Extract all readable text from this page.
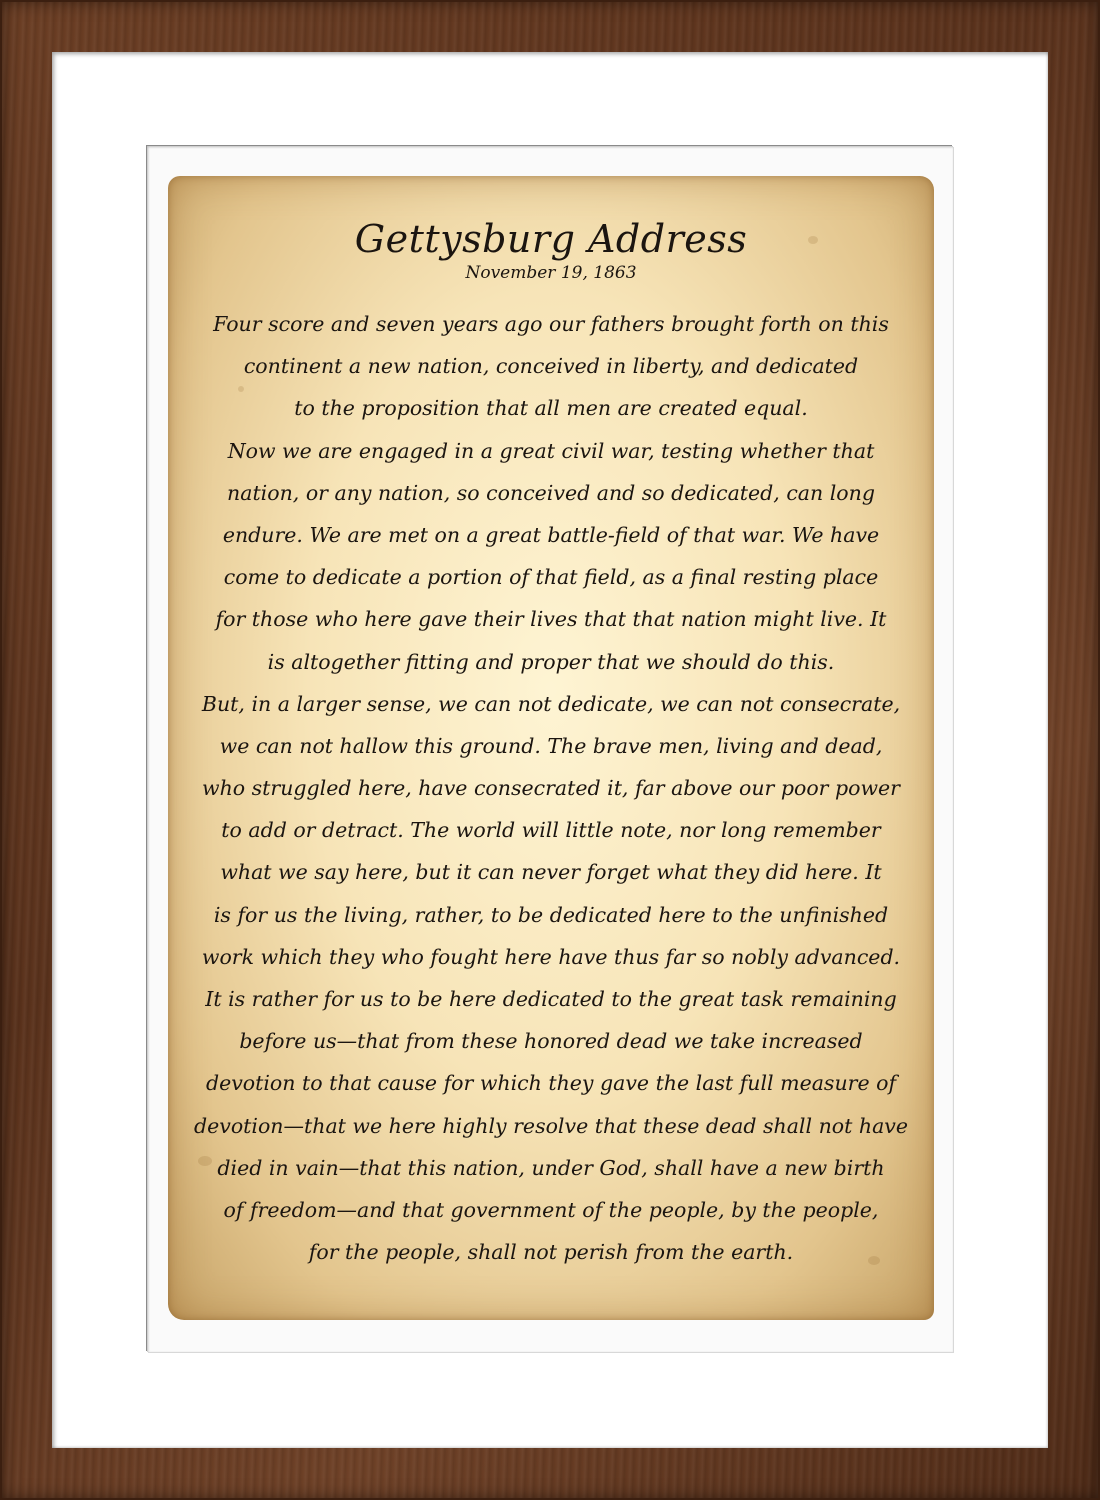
Gettysburg Address
November 19, 1863
Four score and seven years ago our fathers brought forth on this
continent a new nation, conceived in liberty, and dedicated
to the proposition that all men are created equal.
Now we are engaged in a great civil war, testing whether that
nation, or any nation, so conceived and so dedicated, can long
endure. We are met on a great battle-field of that war. We have
come to dedicate a portion of that field, as a final resting place
for those who here gave their lives that that nation might live. It
is altogether fitting and proper that we should do this.
But, in a larger sense, we can not dedicate, we can not consecrate,
we can not hallow this ground. The brave men, living and dead,
who struggled here, have consecrated it, far above our poor power
to add or detract. The world will little note, nor long remember
what we say here, but it can never forget what they did here. It
is for us the living, rather, to be dedicated here to the unfinished
work which they who fought here have thus far so nobly advanced.
It is rather for us to be here dedicated to the great task remaining
before us—that from these honored dead we take increased
devotion to that cause for which they gave the last full measure of
devotion—that we here highly resolve that these dead shall not have
died in vain—that this nation, under God, shall have a new birth
of freedom—and that government of the people, by the people,
for the people, shall not perish from the earth.
